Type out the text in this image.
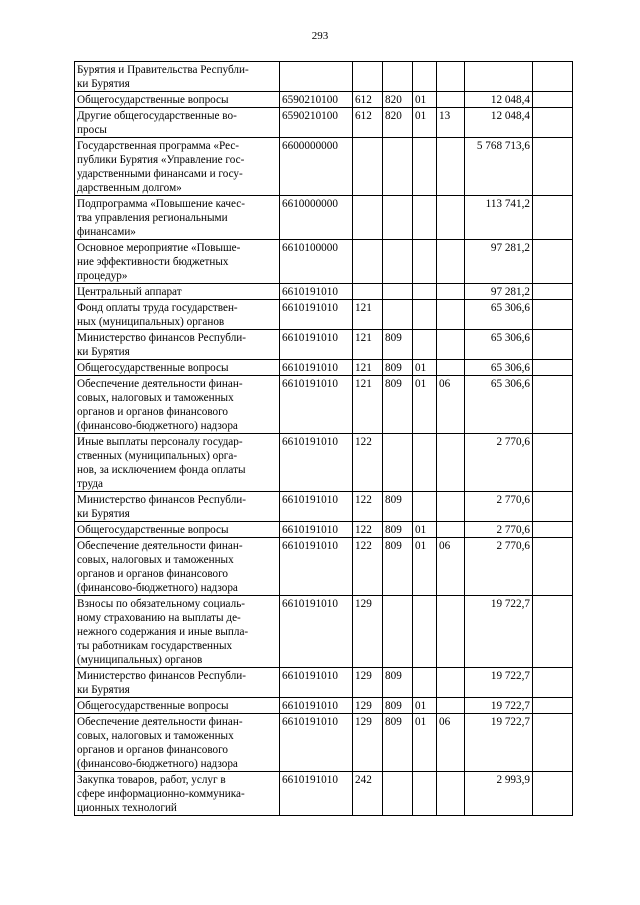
293
Бурятия и Правительства Республи-
ки Бурятия							
Общегосударственные вопросы	6590210100	612	820	01		12 048,4	
Другие общегосударственные во-
просы	6590210100	612	820	01	13	12 048,4	
Государственная программа «Рес-
публики Бурятия «Управление гос-
ударственными финансами и госу-
дарственным долгом»	6600000000					5 768 713,6	
Подпрограмма «Повышение качес-
тва управления региональными
финансами»	6610000000					113 741,2	
Основное мероприятие «Повыше-
ние эффективности бюджетных
процедур»	6610100000					97 281,2	
Центральный аппарат	6610191010					97 281,2	
Фонд оплаты труда государствен-
ных (муниципальных) органов	6610191010	121				65 306,6	
Министерство финансов Республи-
ки Бурятия	6610191010	121	809			65 306,6	
Общегосударственные вопросы	6610191010	121	809	01		65 306,6	
Обеспечение деятельности финан-
совых, налоговых и таможенных
органов и органов финансового
(финансово-бюджетного) надзора	6610191010	121	809	01	06	65 306,6	
Иные выплаты персоналу государ-
ственных (муниципальных) орга-
нов, за исключением фонда оплаты
труда	6610191010	122				2 770,6	
Министерство финансов Республи-
ки Бурятия	6610191010	122	809			2 770,6	
Общегосударственные вопросы	6610191010	122	809	01		2 770,6	
Обеспечение деятельности финан-
совых, налоговых и таможенных
органов и органов финансового
(финансово-бюджетного) надзора	6610191010	122	809	01	06	2 770,6	
Взносы по обязательному социаль-
ному страхованию на выплаты де-
нежного содержания и иные выпла-
ты работникам государственных
(муниципальных) органов	6610191010	129				19 722,7	
Министерство финансов Республи-
ки Бурятия	6610191010	129	809			19 722,7	
Общегосударственные вопросы	6610191010	129	809	01		19 722,7	
Обеспечение деятельности финан-
совых, налоговых и таможенных
органов и органов финансового
(финансово-бюджетного) надзора	6610191010	129	809	01	06	19 722,7	
Закупка товаров, работ, услуг в
сфере информационно-коммуника-
ционных технологий	6610191010	242				2 993,9	
